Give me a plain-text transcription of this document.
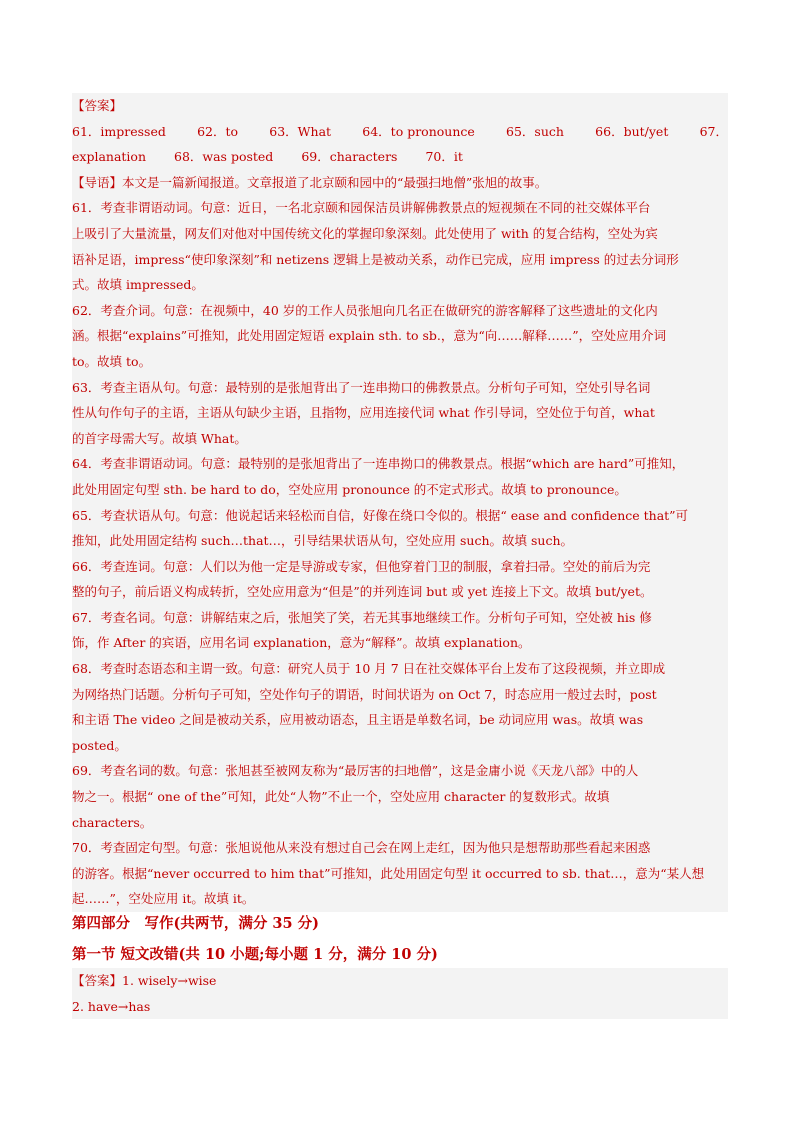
【答案】
61．impressed 62．to 63．What 64．to pronounce 65．such 66．but/yet 67．
explanation 68．was posted 69．characters 70．it
【导语】本文是一篇新闻报道。文章报道了北京颐和园中的“最强扫地僧”张旭的故事。
61．考查非谓语动词。句意：近日，一名北京颐和园保洁员讲解佛教景点的短视频在不同的社交媒体平台
上吸引了大量流量，网友们对他对中国传统文化的掌握印象深刻。此处使用了 with 的复合结构，空处为宾
语补足语，impress“使印象深刻”和 netizens 逻辑上是被动关系，动作已完成，应用 impress 的过去分词形
式。故填 impressed。
62．考查介词。句意：在视频中，40 岁的工作人员张旭向几名正在做研究的游客解释了这些遗址的文化内
涵。根据“explains”可推知，此处用固定短语 explain sth. to sb.，意为“向……解释……”，空处应用介词
to。故填 to。
63．考查主语从句。句意：最特别的是张旭背出了一连串拗口的佛教景点。分析句子可知，空处引导名词
性从句作句子的主语，主语从句缺少主语，且指物，应用连接代词 what 作引导词，空处位于句首，what
的首字母需大写。故填 What。
64．考查非谓语动词。句意：最特别的是张旭背出了一连串拗口的佛教景点。根据“which are hard”可推知，
此处用固定句型 sth. be hard to do，空处应用 pronounce 的不定式形式。故填 to pronounce。
65．考查状语从句。句意：他说起话来轻松而自信，好像在绕口令似的。根据“ ease and confidence that”可
推知，此处用固定结构 such…that…，引导结果状语从句，空处应用 such。故填 such。
66．考查连词。句意：人们以为他一定是导游或专家，但他穿着门卫的制服，拿着扫帚。空处的前后为完
整的句子，前后语义构成转折，空处应用意为“但是”的并列连词 but 或 yet 连接上下文。故填 but/yet。
67．考查名词。句意：讲解结束之后，张旭笑了笑，若无其事地继续工作。分析句子可知，空处被 his 修
饰，作 After 的宾语，应用名词 explanation，意为“解释”。故填 explanation。
68．考查时态语态和主谓一致。句意：研究人员于 10 月 7 日在社交媒体平台上发布了这段视频，并立即成
为网络热门话题。分析句子可知，空处作句子的谓语，时间状语为 on Oct 7，时态应用一般过去时，post
和主语 The video 之间是被动关系，应用被动语态，且主语是单数名词，be 动词应用 was。故填 was
posted。
69．考查名词的数。句意：张旭甚至被网友称为“最厉害的扫地僧”，这是金庸小说《天龙八部》中的人
物之一。根据“ one of the”可知，此处“人物”不止一个，空处应用 character 的复数形式。故填
characters。
70．考查固定句型。句意：张旭说他从来没有想过自己会在网上走红，因为他只是想帮助那些看起来困惑
的游客。根据“never occurred to him that”可推知，此处用固定句型 it occurred to sb. that…，意为“某人想
起……”，空处应用 it。故填 it。
第四部分　写作(共两节，满分 35 分)
第一节 短文改错(共 10 小题;每小题 1 分，满分 10 分)
【答案】1. wisely→wise
2. have→has
